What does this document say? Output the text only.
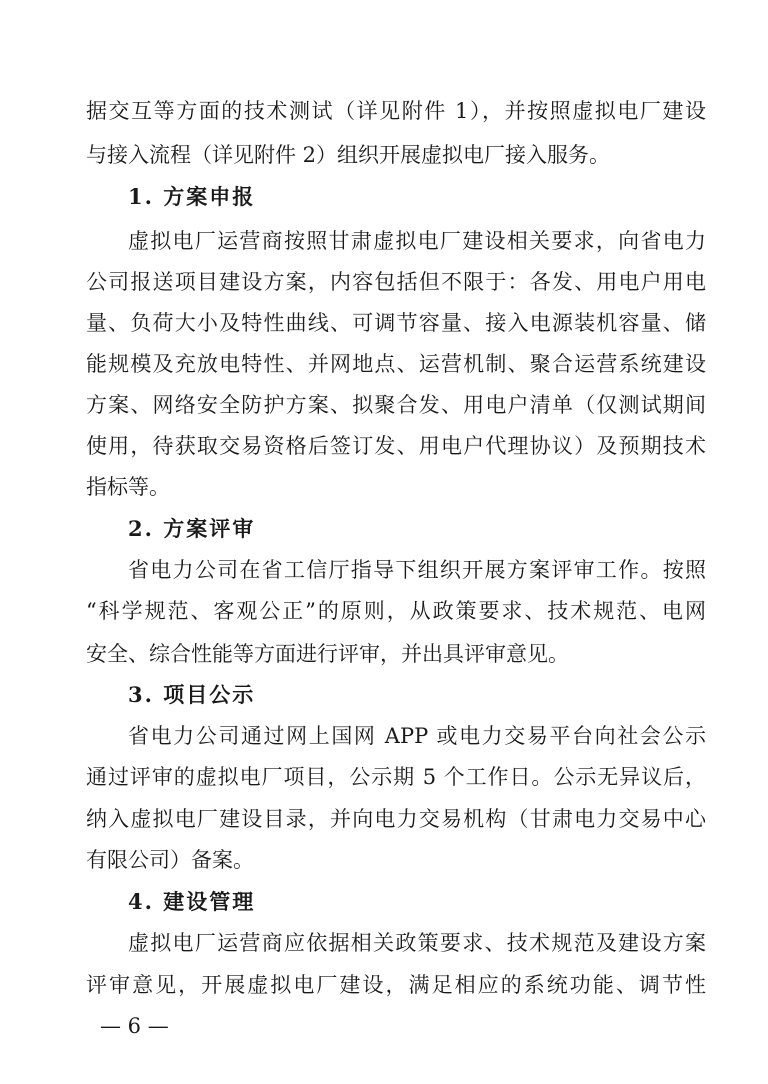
据交互等方面的技术测试（详见附件 1），并按照虚拟电厂建设
与接入流程（详见附件 2）组织开展虚拟电厂接入服务。
1. 方案申报
虚拟电厂运营商按照甘肃虚拟电厂建设相关要求，向省电力
公司报送项目建设方案，内容包括但不限于：各发、用电户用电
量、负荷大小及特性曲线、可调节容量、接入电源装机容量、储
能规模及充放电特性、并网地点、运营机制、聚合运营系统建设
方案、网络安全防护方案、拟聚合发、用电户清单（仅测试期间
使用，待获取交易资格后签订发、用电户代理协议）及预期技术
指标等。
2. 方案评审
省电力公司在省工信厅指导下组织开展方案评审工作。按照
“科学规范、客观公正”的原则，从政策要求、技术规范、电网
安全、综合性能等方面进行评审，并出具评审意见。
3. 项目公示
省电力公司通过网上国网 APP 或电力交易平台向社会公示
通过评审的虚拟电厂项目，公示期 5 个工作日。公示无异议后，
纳入虚拟电厂建设目录，并向电力交易机构（甘肃电力交易中心
有限公司）备案。
4. 建设管理
虚拟电厂运营商应依据相关政策要求、技术规范及建设方案
评审意见，开展虚拟电厂建设，满足相应的系统功能、调节性
— 6 —
